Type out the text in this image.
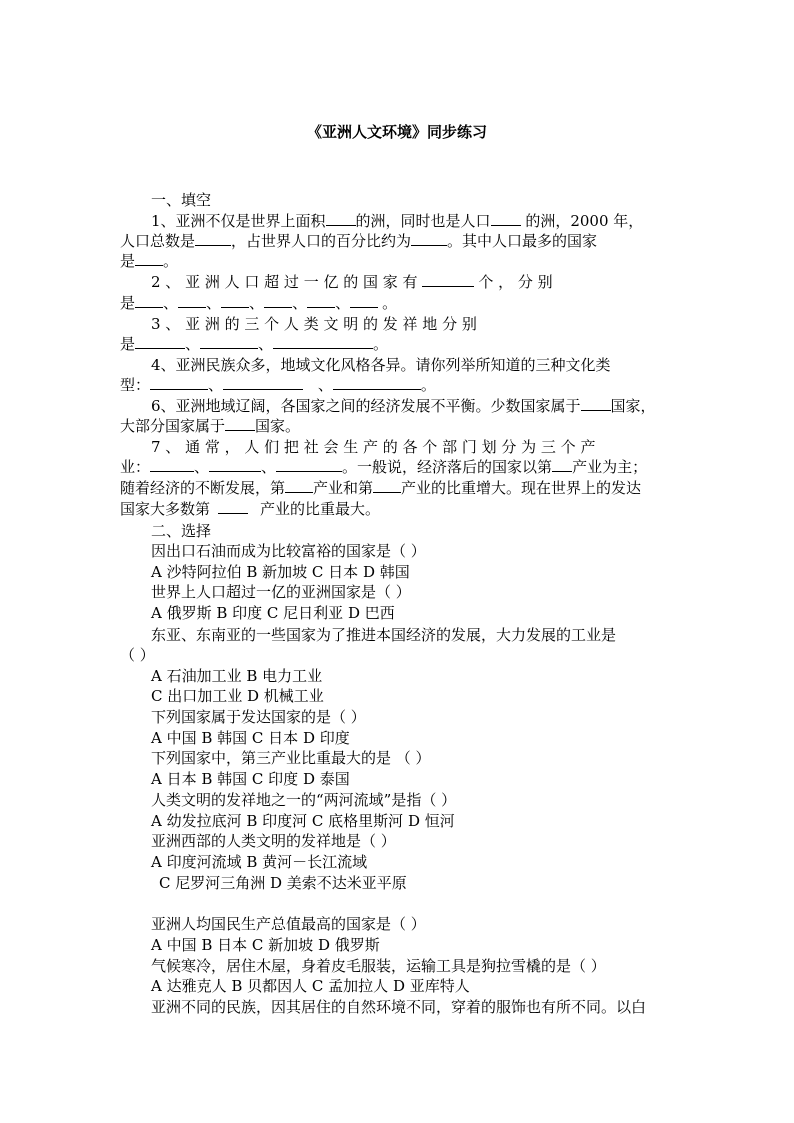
《亚洲人文环境》同步练习
一、填空
1、亚洲不仅是世界上面积 的洲，同时也是人口 的洲，2000 年，
人口总数是 ，占世界人口的百分比约为 。其中人口最多的国家
是 。
2 、 亚 洲 人 口 超 过 一 亿 的 国 家 有	个 ， 分 别
是 、 、 、 、 、 。
3 、 亚 洲 的 三 个 人 类 文 明 的 发 祥 地 分 别
是	、	、	。
4、亚洲民族众多，地域文化风格各异。请你列举所知道的三种文化类
型：	、	、	。
6、亚洲地域辽阔，各国家之间的经济发展不平衡。少数国家属于 国家，
大部分国家属于 国家。
7 、 通 常 ， 人 们 把 社 会 生 产 的 各 个 部 门 划 分 为 三 个 产
业：	、	、	。一般说，经济落后的国家以第 产业为主；
随着经济的不断发展，第 产业和第 产业的比重增大。现在世界上的发达
国家大多数第	产业的比重最大。
二、选择
因出口石油而成为比较富裕的国家是（ ）
A 沙特阿拉伯 B 新加坡 C 日本 D 韩国
世界上人口超过一亿的亚洲国家是（ ）
A 俄罗斯 B 印度 C 尼日利亚 D 巴西
东亚、东南亚的一些国家为了推进本国经济的发展，大力发展的工业是
（ ）
A 石油加工业 B 电力工业
C 出口加工业 D 机械工业
下列国家属于发达国家的是（ ）
A 中国 B 韩国 C 日本 D 印度
下列国家中，第三产业比重最大的是 （ ）
A 日本 B 韩国 C 印度 D 泰国
人类文明的发祥地之一的“两河流域”是指（ ）
A 幼发拉底河 B 印度河 C 底格里斯河 D 恒河
亚洲西部的人类文明的发祥地是（ ）
A 印度河流域 B 黄河－长江流域
C 尼罗河三角洲 D 美索不达米亚平原
亚洲人均国民生产总值最高的国家是（ ）
A 中国 B 日本 C 新加坡 D 俄罗斯
气候寒冷，居住木屋，身着皮毛服装，运输工具是狗拉雪橇的是（ ）
A 达雅克人 B 贝都因人 C 孟加拉人 D 亚库特人
亚洲不同的民族，因其居住的自然环境不同，穿着的服饰也有所不同。以白
